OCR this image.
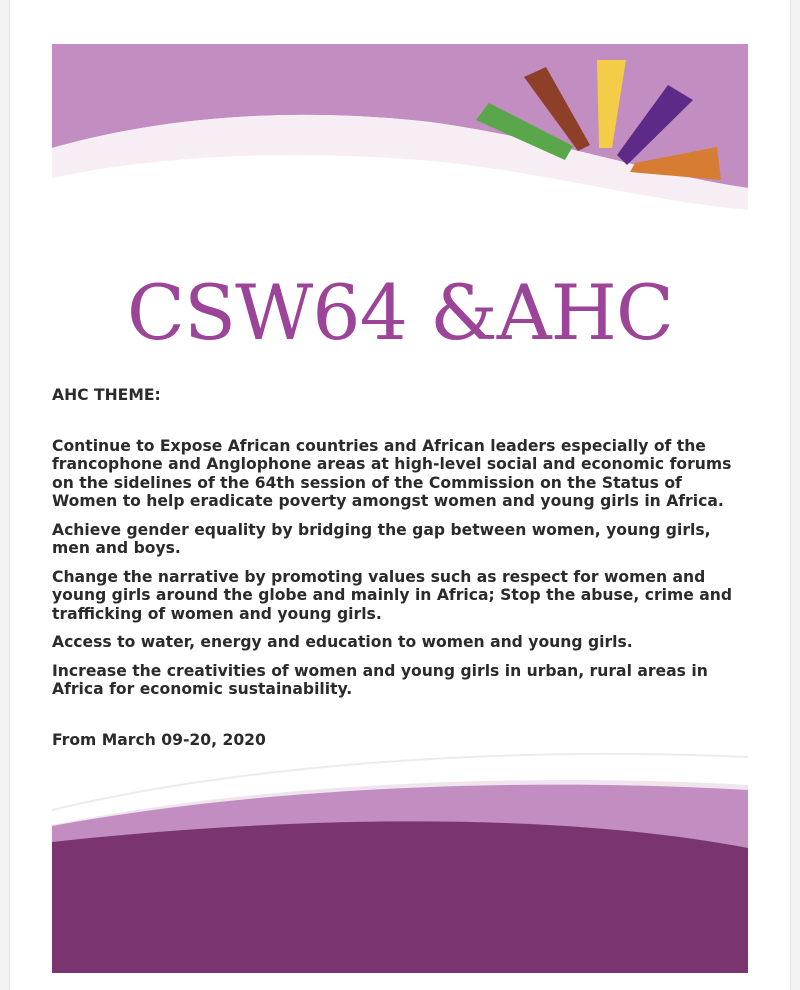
CSW64 &AHC

AHC THEME:

Continue to Expose African countries and African leaders especially of the francophone and Anglophone areas at high-level social and economic forums on the sidelines of the 64th session of the Commission on the Status of Women to help eradicate poverty amongst women and young girls in Africa.

Achieve gender equality by bridging the gap between women, young girls, men and boys.

Change the narrative by promoting values such as respect for women and young girls around the globe and mainly in Africa; Stop the abuse, crime and trafficking of women and young girls.

Access to water, energy and education to women and young girls.

Increase the creativities of women and young girls in urban, rural areas in Africa for economic sustainability.

From March 09-20, 2020
